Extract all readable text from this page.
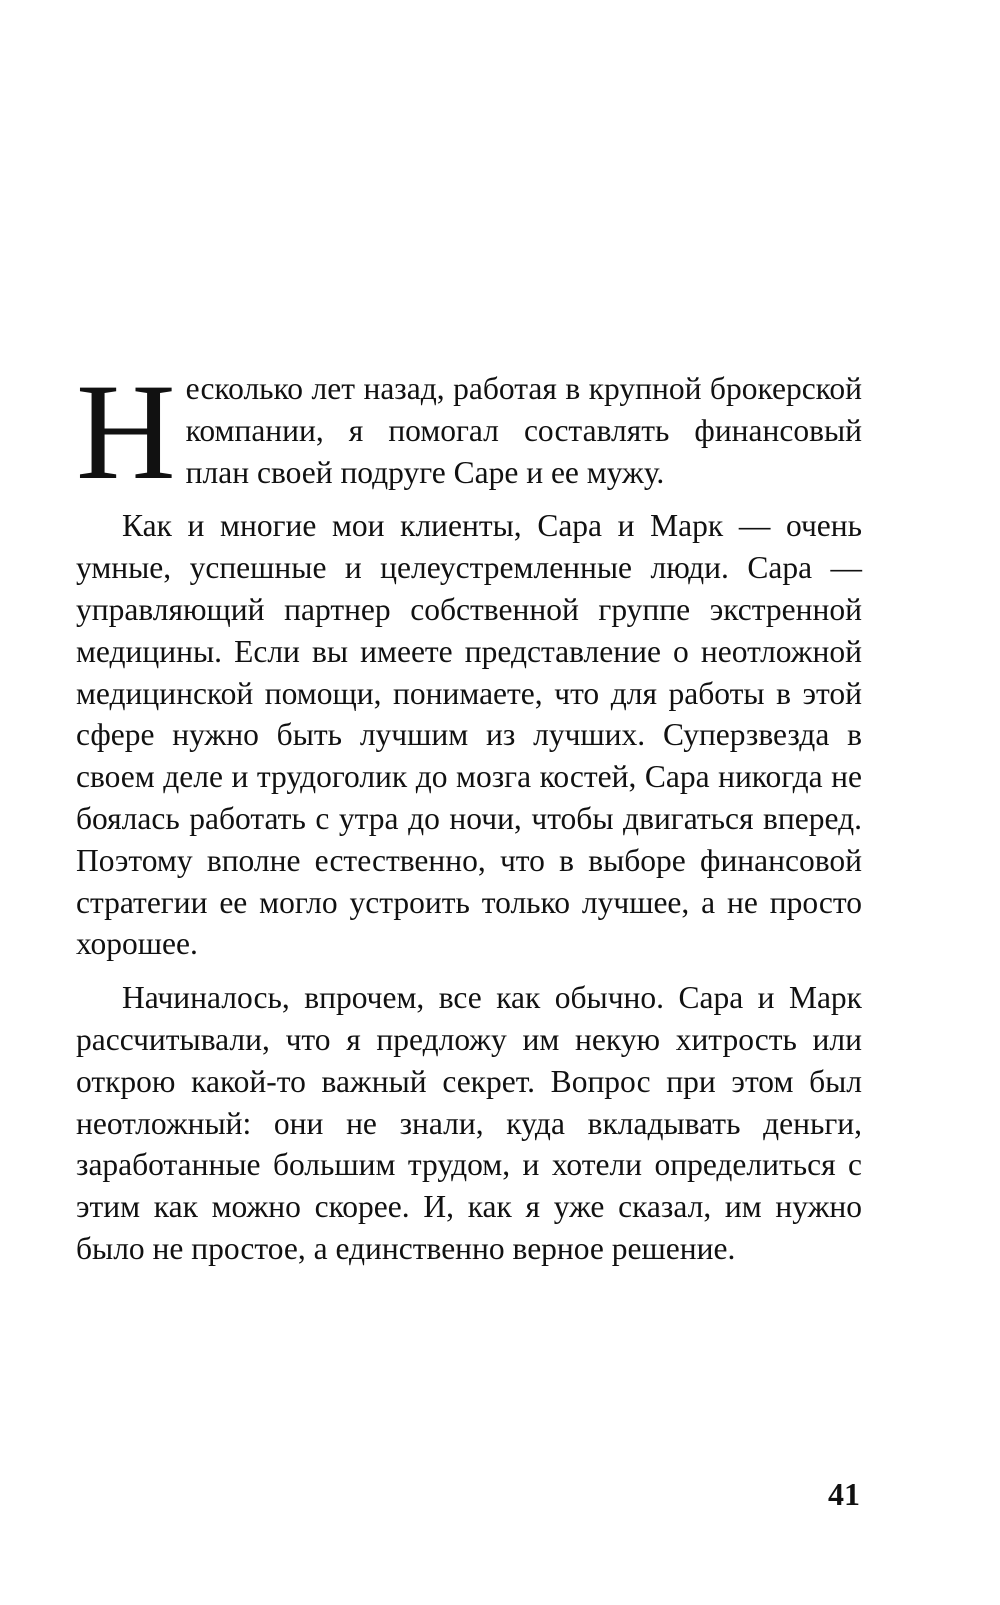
Несколько лет назад, работая в крупной брокерской компании, я помогал составлять финансовый план своей подруге Саре и ее мужу.

Как и многие мои клиенты, Сара и Марк — очень умные, успешные и целеустремленные люди. Сара — управляющий партнер собственной группе экстренной медицины. Если вы имеете представление о неотложной медицинской помощи, понимаете, что для работы в этой сфере нужно быть лучшим из лучших. Суперзвезда в своем деле и трудоголик до мозга костей, Сара никогда не боялась работать с утра до ночи, чтобы двигаться вперед. Поэтому вполне естественно, что в выборе финансовой стратегии ее могло устроить только лучшее, а не просто хорошее.

Начиналось, впрочем, все как обычно. Сара и Марк рассчитывали, что я предложу им некую хитрость или открою какой-то важный секрет. Вопрос при этом был неотложный: они не знали, куда вкладывать деньги, заработанные большим трудом, и хотели определиться с этим как можно скорее. И, как я уже сказал, им нужно было не простое, а единственно верное решение.

41
